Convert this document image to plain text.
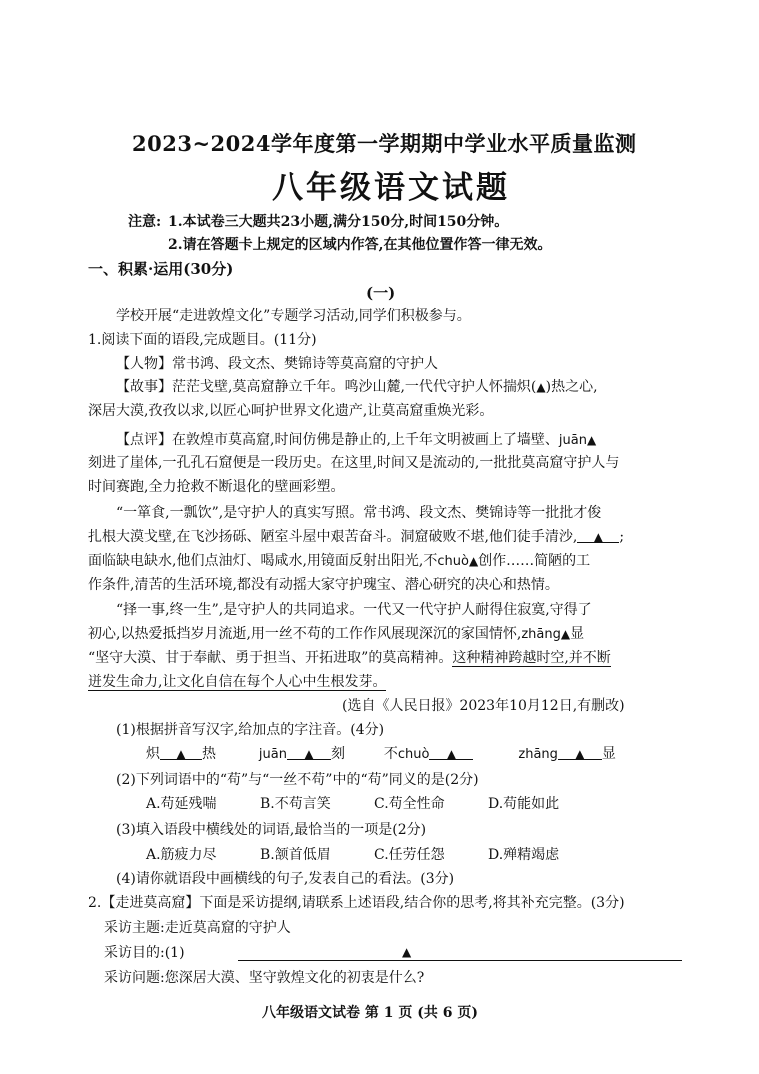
2023~2024学年度第一学期期中学业水平质量监测
八年级语文试题
注意: 1.本试卷三大题共23小题,满分150分,时间150分钟。
2.请在答题卡上规定的区域内作答,在其他位置作答一律无效。
一、积累·运用(30分)
(一)
学校开展“走进敦煌文化”专题学习活动,同学们积极参与。
1.阅读下面的语段,完成题目。(11分)
【人物】常书鸿、段文杰、樊锦诗等莫高窟的守护人
【故事】茫茫戈壁,莫高窟静立千年。鸣沙山麓,一代代守护人怀揣炽(▲)热之心,
深居大漠,孜孜以求,以匠心呵护世界文化遗产,让莫高窟重焕光彩。
【点评】在敦煌市莫高窟,时间仿佛是静止的,上千年文明被画上了墙壁、juān▲
刻进了崖体,一孔孔石窟便是一段历史。在这里,时间又是流动的,一批批莫高窟守护人与
时间赛跑,全力抢救不断退化的壁画彩塑。
“一箪食,一瓢饮”,是守护人的真实写照。常书鸿、段文杰、樊锦诗等一批批才俊
扎根大漠戈壁,在飞沙扬砾、陋室斗屋中艰苦奋斗。洞窟破败不堪,他们徒手清沙, ▲ ;
面临缺电缺水,他们点油灯、喝咸水,用镜面反射出阳光,不chuò▲创作……简陋的工
作条件,清苦的生活环境,都没有动摇大家守护瑰宝、潜心研究的决心和热情。
“择一事,终一生”,是守护人的共同追求。一代又一代守护人耐得住寂寞,守得了
初心,以热爱抵挡岁月流逝,用一丝不苟的工作作风展现深沉的家国情怀,zhāng▲显
“坚守大漠、甘于奉献、勇于担当、开拓进取”的莫高精神。这种精神跨越时空,并不断
迸发生命力,让文化自信在每个人心中生根发芽。
(选自《人民日报》2023年10月12日,有删改)
(1)根据拼音写汉字,给加点的字注音。(4分)
炽 ▲ 热	juān ▲ 刻	不chuò ▲	zhāng ▲ 显
(2)下列词语中的“苟”与“一丝不苟”中的“苟”同义的是(2分)
A.苟延残喘	B.不苟言笑	C.苟全性命	D.苟能如此
(3)填入语段中横线处的词语,最恰当的一项是(2分)
A.筋疲力尽	B.颔首低眉	C.任劳任怨	D.殚精竭虑
(4)请你就语段中画横线的句子,发表自己的看法。(3分)
2.【走进莫高窟】下面是采访提纲,请联系上述语段,结合你的思考,将其补充完整。(3分)
采访主题:走近莫高窟的守护人
采访目的:(1)	▲
采访问题:您深居大漠、坚守敦煌文化的初衷是什么?
八年级语文试卷 第 1 页 (共 6 页)
